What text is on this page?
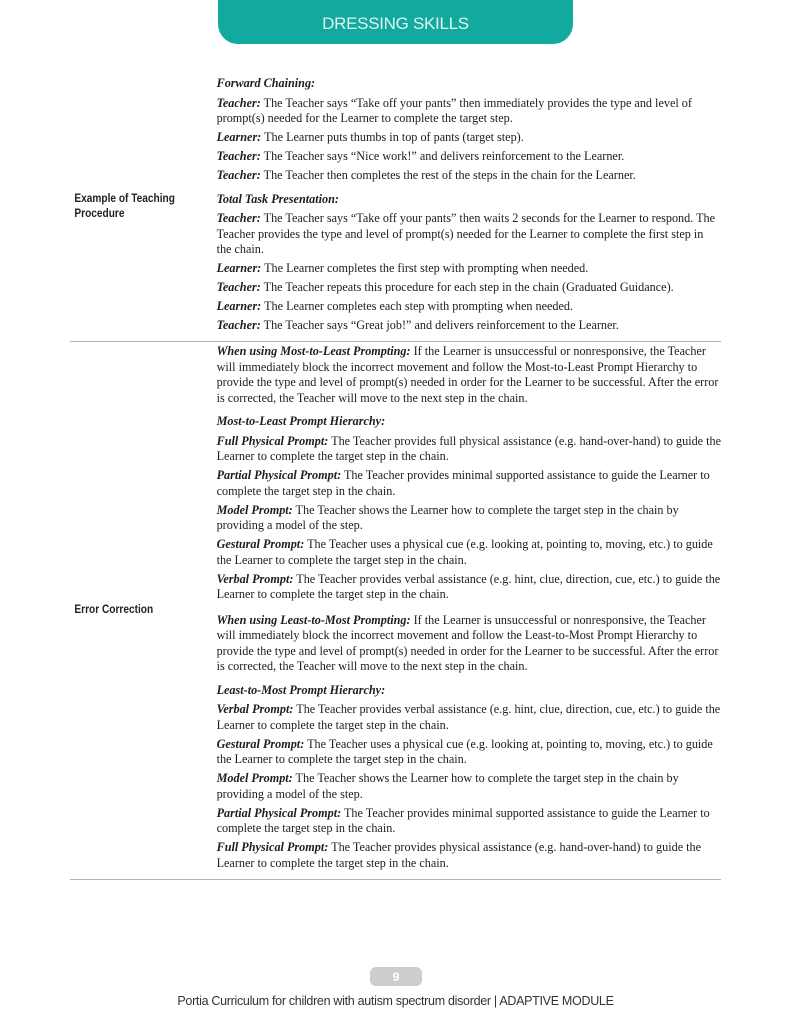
DRESSING SKILLS
Example of Teaching Procedure
Forward Chaining:

Teacher: The Teacher says “Take off your pants” then immediately provides the type and level of prompt(s) needed for the Learner to complete the target step.

Learner: The Learner puts thumbs in top of pants (target step).

Teacher: The Teacher says “Nice work!” and delivers reinforcement to the Learner.

Teacher: The Teacher then completes the rest of the steps in the chain for the Learner.

Total Task Presentation:

Teacher: The Teacher says “Take off your pants” then waits 2 seconds for the Learner to respond. The Teacher provides the type and level of prompt(s) needed for the Learner to complete the first step in the chain.

Learner: The Learner completes the first step with prompting when needed.

Teacher: The Teacher repeats this procedure for each step in the chain (Graduated Guidance).

Learner: The Learner completes each step with prompting when needed.

Teacher: The Teacher says “Great job!” and delivers reinforcement to the Learner.

Error Correction

When using Most-to-Least Prompting: If the Learner is unsuccessful or nonresponsive, the Teacher will immediately block the incorrect movement and follow the Most-to-Least Prompt Hierarchy to provide the type and level of prompt(s) needed in order for the Learner to be successful. After the error is corrected, the Teacher will move to the next step in the chain.

Most-to-Least Prompt Hierarchy:

Full Physical Prompt: The Teacher provides full physical assistance (e.g. hand-over-hand) to guide the Learner to complete the target step in the chain.

Partial Physical Prompt: The Teacher provides minimal supported assistance to guide the Learner to complete the target step in the chain.

Model Prompt: The Teacher shows the Learner how to complete the target step in the chain by providing a model of the step.

Gestural Prompt: The Teacher uses a physical cue (e.g. looking at, pointing to, moving, etc.) to guide the Learner to complete the target step in the chain.

Verbal Prompt: The Teacher provides verbal assistance (e.g. hint, clue, direction, cue, etc.) to guide the Learner to complete the target step in the chain.

When using Least-to-Most Prompting: If the Learner is unsuccessful or nonresponsive, the Teacher will immediately block the incorrect movement and follow the Least-to-Most Prompt Hierarchy to provide the type and level of prompt(s) needed in order for the Learner to be successful. After the error is corrected, the Teacher will move to the next step in the chain.

Least-to-Most Prompt Hierarchy:

Verbal Prompt: The Teacher provides verbal assistance (e.g. hint, clue, direction, cue, etc.) to guide the Learner to complete the target step in the chain.

Gestural Prompt: The Teacher uses a physical cue (e.g. looking at, pointing to, moving, etc.) to guide the Learner to complete the target step in the chain.

Model Prompt: The Teacher shows the Learner how to complete the target step in the chain by providing a model of the step.

Partial Physical Prompt: The Teacher provides minimal supported assistance to guide the Learner to complete the target step in the chain.

Full Physical Prompt: The Teacher provides physical assistance (e.g. hand-over-hand) to guide the Learner to complete the target step in the chain.

9
Portia Curriculum for children with autism spectrum disorder | ADAPTIVE MODULE
